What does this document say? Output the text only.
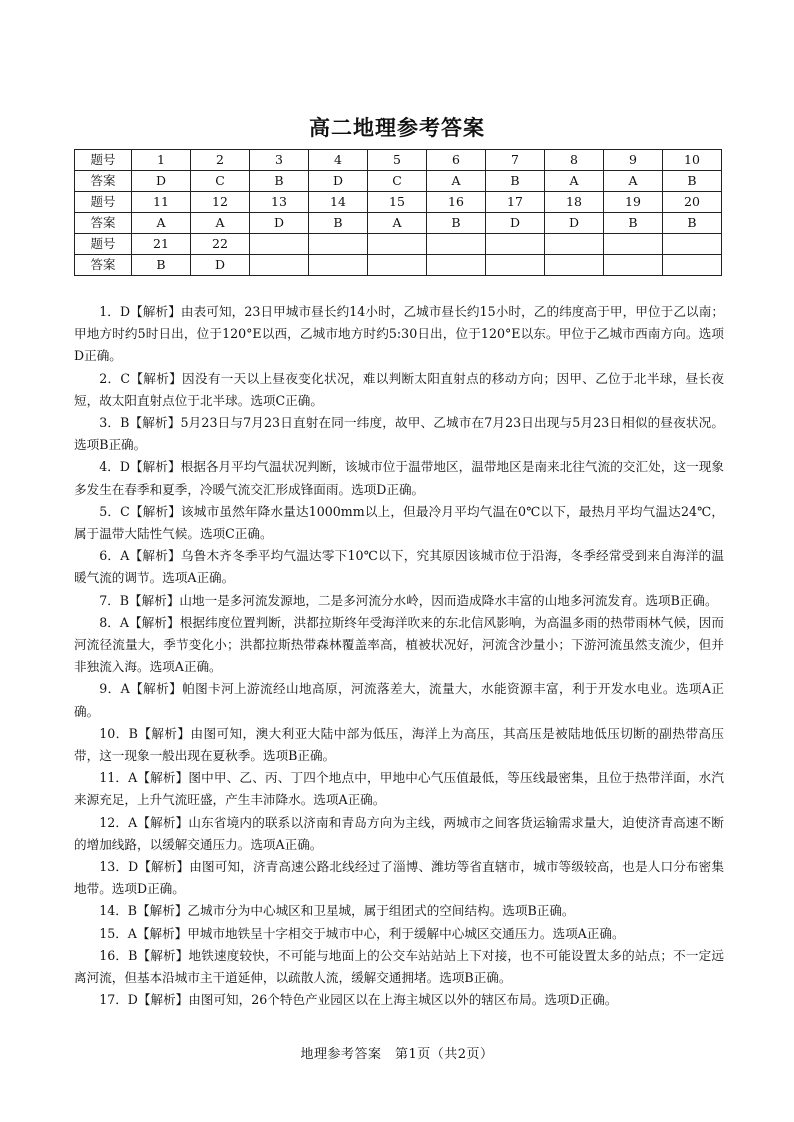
高二地理参考答案
题号	1	2	3	4	5	6	7	8	9	10
答案	D	C	B	D	C	A	B	A	A	B
题号	11	12	13	14	15	16	17	18	19	20
答案	A	A	D	B	A	B	D	D	B	B
题号	21	22								
答案	B	D								

1．D【解析】由表可知，23日甲城市昼长约14小时，乙城市昼长约15小时，乙的纬度高于甲，甲位于乙以南；甲地方时约5时日出，位于120°E以西，乙城市地方时约5:30日出，位于120°E以东。甲位于乙城市西南方向。选项D正确。

2．C【解析】因没有一天以上昼夜变化状况，难以判断太阳直射点的移动方向；因甲、乙位于北半球，昼长夜短，故太阳直射点位于北半球。选项C正确。

3．B【解析】5月23日与7月23日直射在同一纬度，故甲、乙城市在7月23日出现与5月23日相似的昼夜状况。选项B正确。

4．D【解析】根据各月平均气温状况判断，该城市位于温带地区，温带地区是南来北往气流的交汇处，这一现象多发生在春季和夏季，冷暖气流交汇形成锋面雨。选项D正确。

5．C【解析】该城市虽然年降水量达1000mm以上，但最冷月平均气温在0℃以下，最热月平均气温达24℃，属于温带大陆性气候。选项C正确。

6．A【解析】乌鲁木齐冬季平均气温达零下10℃以下，究其原因该城市位于沿海，冬季经常受到来自海洋的温暖气流的调节。选项A正确。

7．B【解析】山地一是多河流发源地，二是多河流分水岭，因而造成降水丰富的山地多河流发育。选项B正确。

8．A【解析】根据纬度位置判断，洪都拉斯终年受海洋吹来的东北信风影响，为高温多雨的热带雨林气候，因而河流径流量大，季节变化小；洪都拉斯热带森林覆盖率高，植被状况好，河流含沙量小；下游河流虽然支流少，但并非独流入海。选项A正确。

9．A【解析】帕图卡河上游流经山地高原，河流落差大，流量大，水能资源丰富，利于开发水电业。选项A正确。

10．B【解析】由图可知，澳大利亚大陆中部为低压，海洋上为高压，其高压是被陆地低压切断的副热带高压带，这一现象一般出现在夏秋季。选项B正确。

11．A【解析】图中甲、乙、丙、丁四个地点中，甲地中心气压值最低，等压线最密集，且位于热带洋面，水汽来源充足，上升气流旺盛，产生丰沛降水。选项A正确。

12．A【解析】山东省境内的联系以济南和青岛方向为主线，两城市之间客货运输需求量大，迫使济青高速不断的增加线路，以缓解交通压力。选项A正确。

13．D【解析】由图可知，济青高速公路北线经过了淄博、潍坊等省直辖市，城市等级较高，也是人口分布密集地带。选项D正确。

14．B【解析】乙城市分为中心城区和卫星城，属于组团式的空间结构。选项B正确。

15．A【解析】甲城市地铁呈十字相交于城市中心，利于缓解中心城区交通压力。选项A正确。

16．B【解析】地铁速度较快，不可能与地面上的公交车站站站上下对接，也不可能设置太多的站点；不一定远离河流，但基本沿城市主干道延伸，以疏散人流，缓解交通拥堵。选项B正确。

17．D【解析】由图可知，26个特色产业园区以在上海主城区以外的辖区布局。选项D正确。

地理参考答案　第1页（共2页）
